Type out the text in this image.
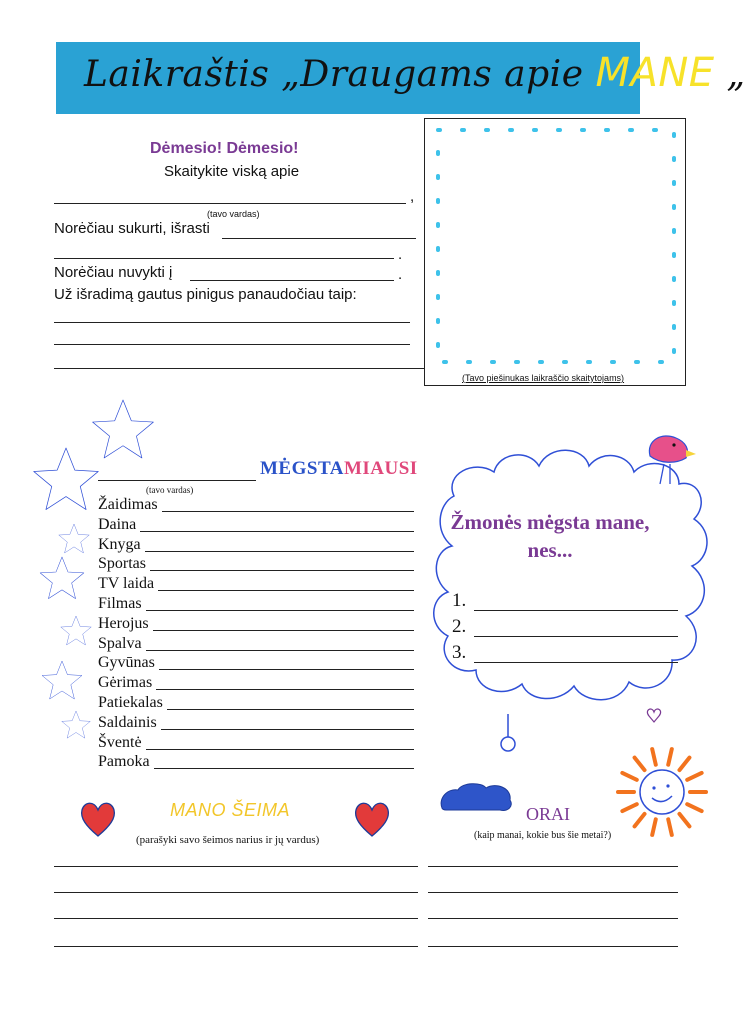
Laikraštis „Draugams apie MANE „
Dėmesio! Dėmesio!
Skaitykite viską apie
,
(tavo vardas)
Norėčiau sukurti, išrasti
.
Norėčiau nuvykti į	.
Už išradimą gautus pinigus panaudočiau taip:
(Tavo piešinukas laikraščio skaitytojams)
MĖGSTAMIAUSI
(tavo vardas)
Žaidimas
Daina
Knyga
Sportas
TV laida
Filmas
Herojus
Spalva
Gyvūnas
Gėrimas
Patiekalas
Saldainis
Šventė
Pamoka
Žmonės mėgsta mane,
nes...
1.
2.
3.
MANO ŠEIMA
(parašyki savo šeimos narius ir jų vardus)
ORAI
(kaip manai, kokie bus šie metai?)
